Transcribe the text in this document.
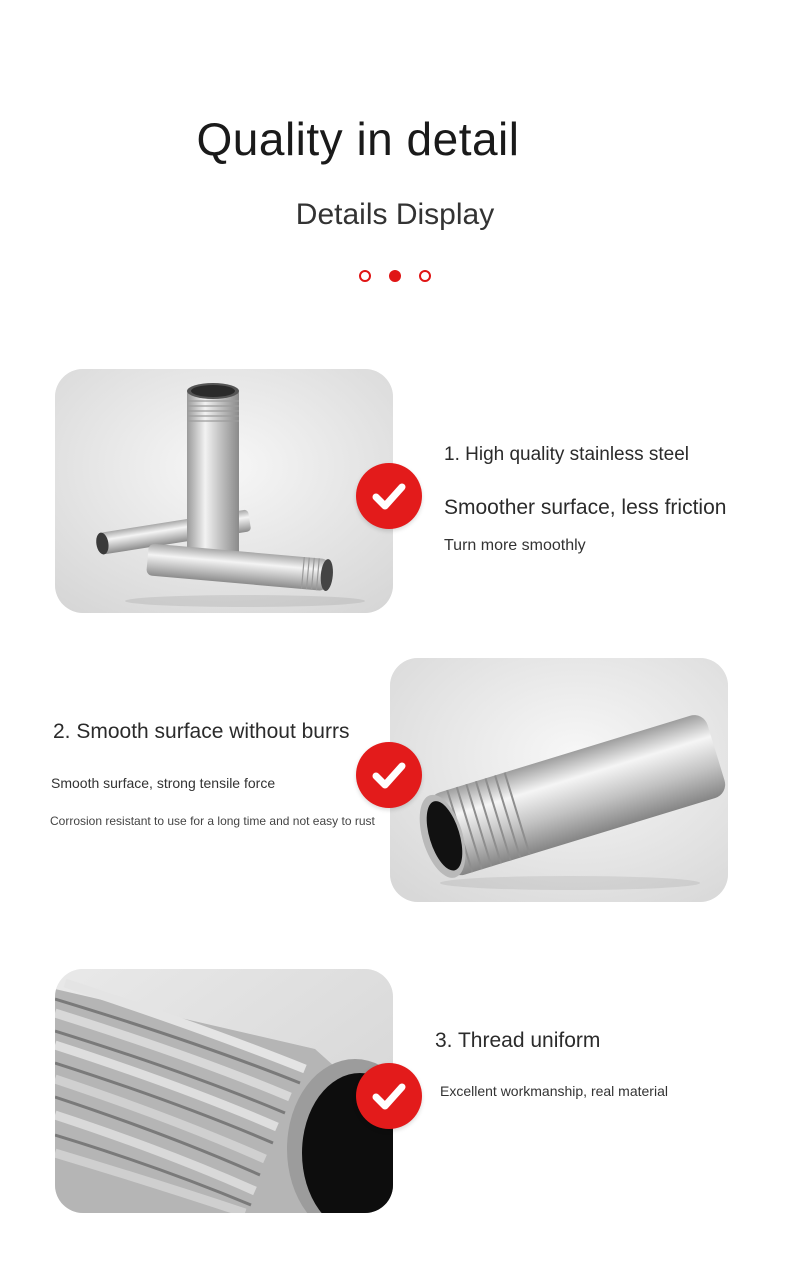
Quality in detail
Details Display
1. High quality stainless steel
Smoother surface, less friction
Turn more smoothly
2. Smooth surface without burrs
Smooth surface, strong tensile force
Corrosion resistant to use for a long time and not easy to rust
3. Thread uniform
Excellent workmanship, real material
